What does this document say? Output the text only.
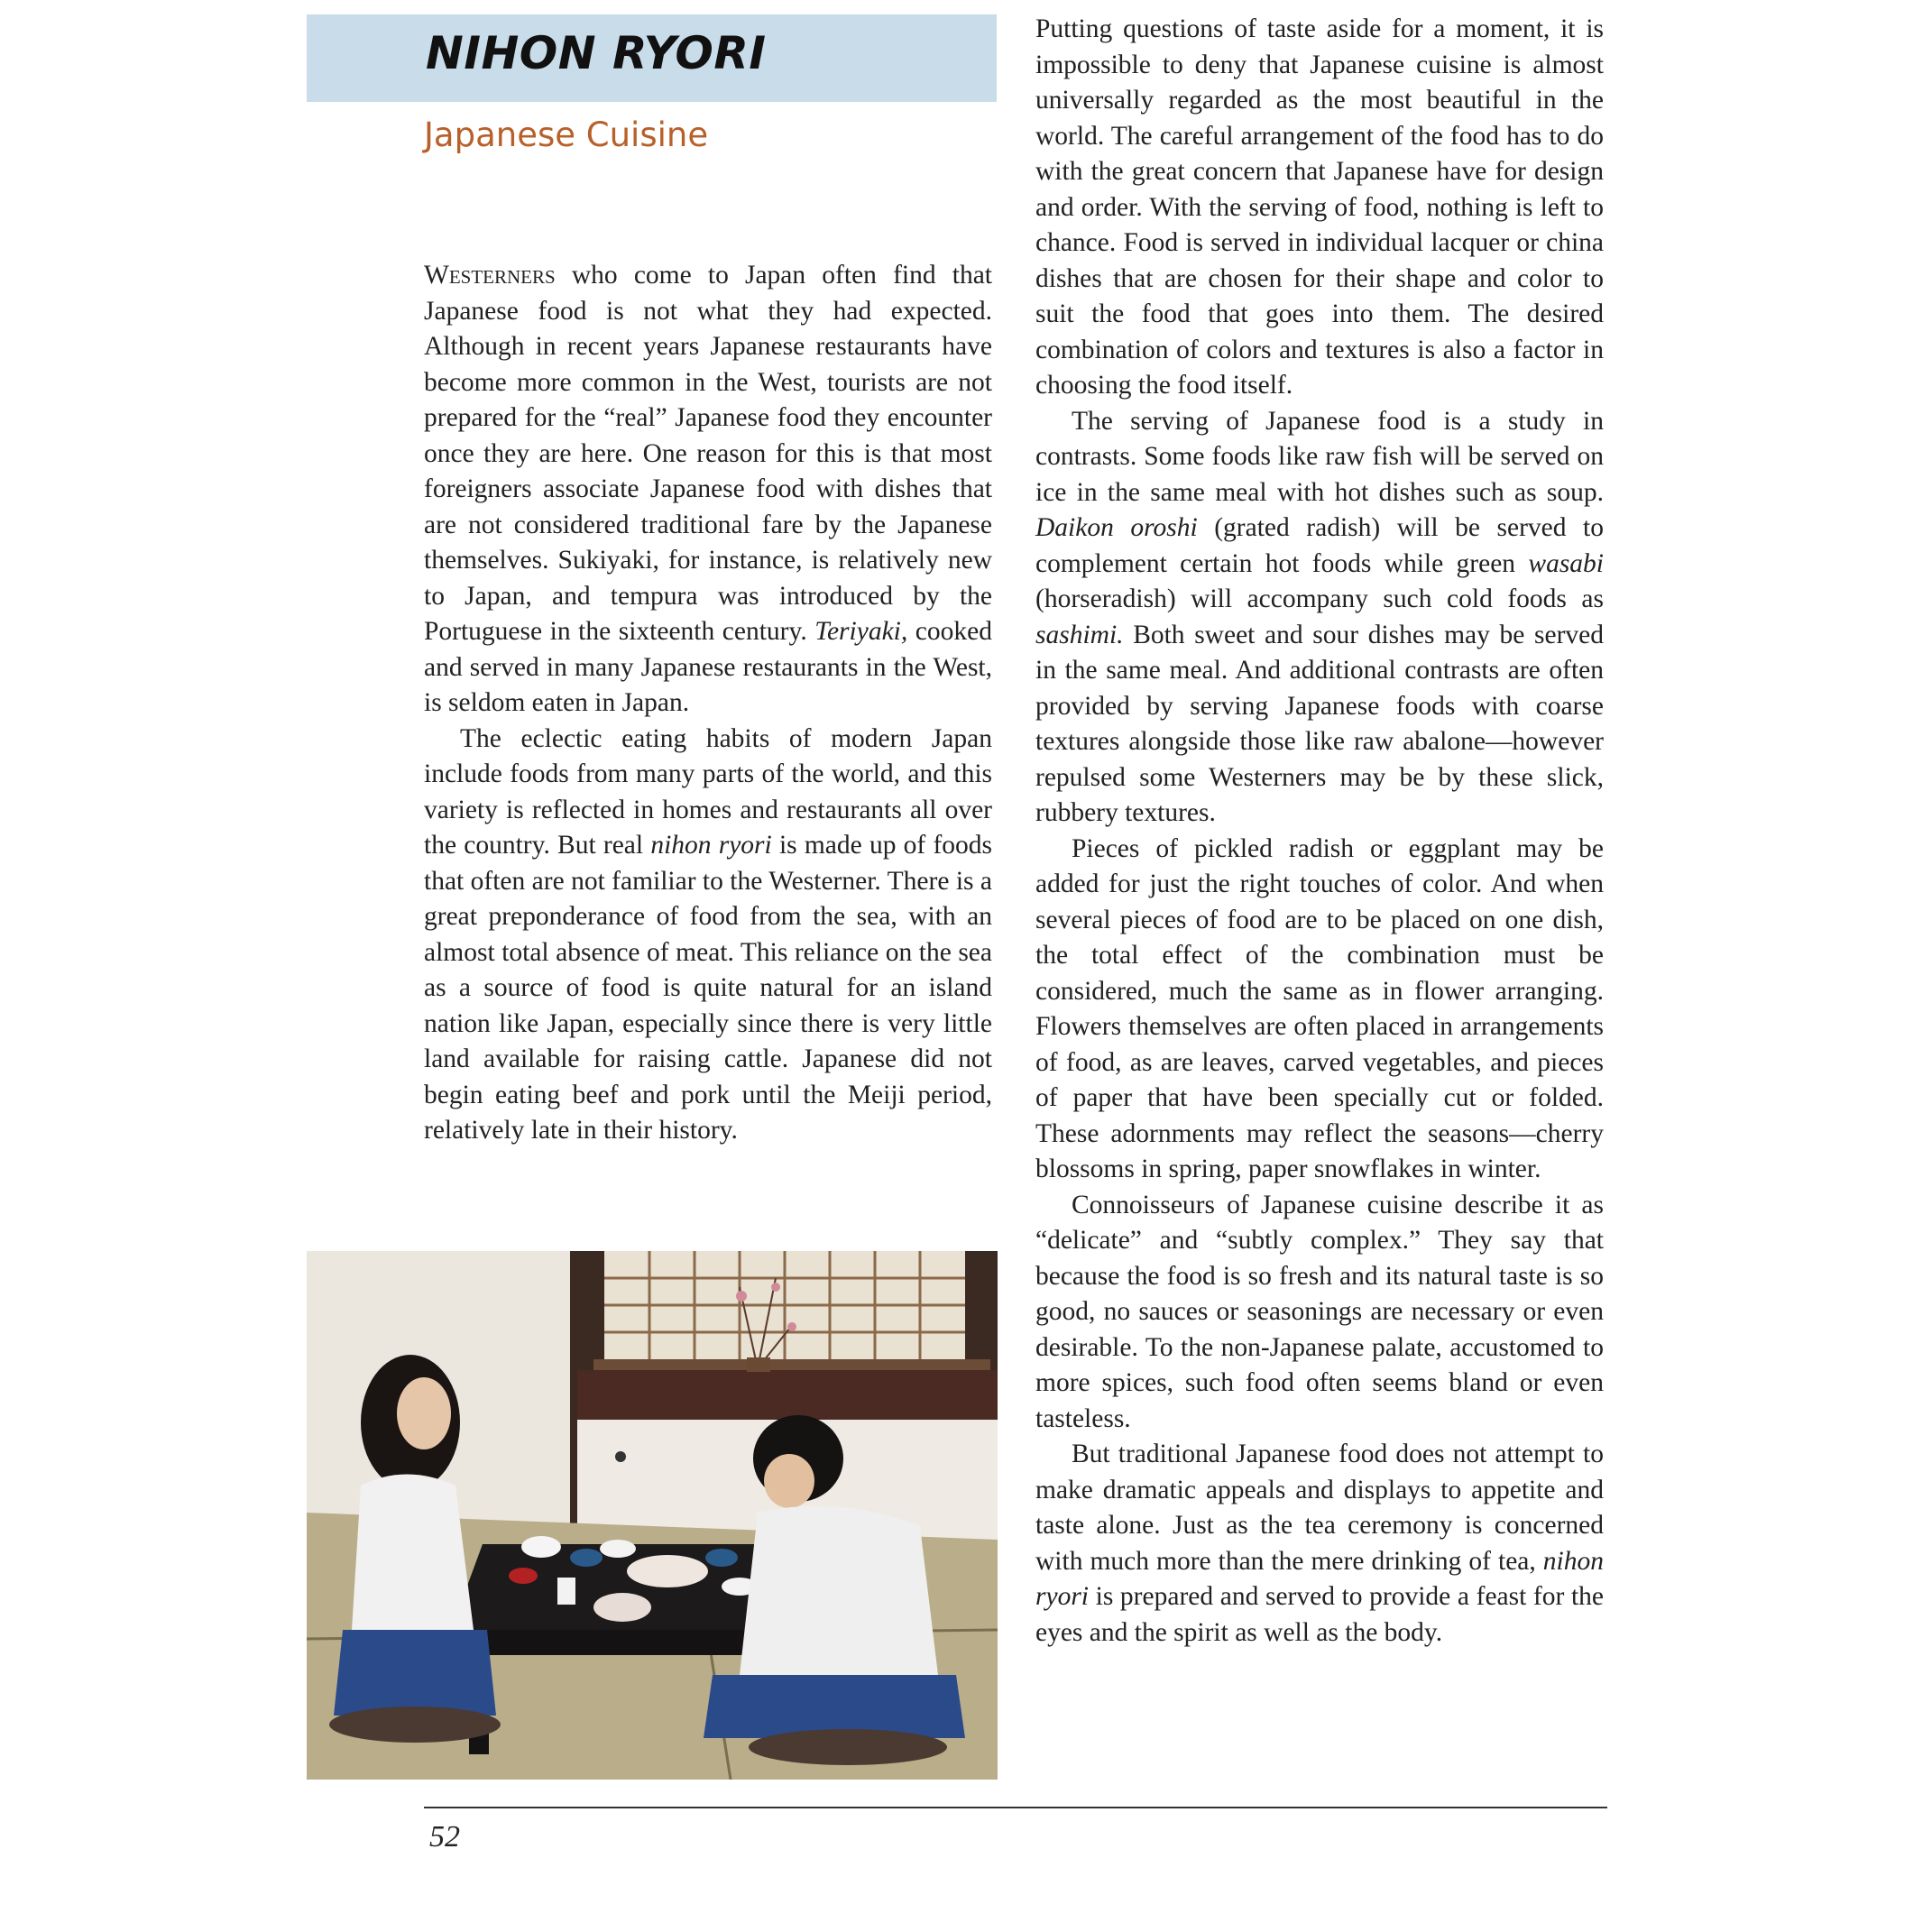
NIHON RYORI
Japanese Cuisine

Westerners who come to Japan often find that Japanese food is not what they had expected. Although in recent years Japanese restaurants have become more common in the West, tourists are not prepared for the “real” Japanese food they encounter once they are here. One reason for this is that most foreigners associate Japanese food with dishes that are not considered traditional fare by the Japanese themselves. Sukiyaki, for instance, is relatively new to Japan, and tempura was introduced by the Portuguese in the sixteenth century. Teriyaki, cooked and served in many Japanese restaurants in the West, is seldom eaten in Japan.

The eclectic eating habits of modern Japan include foods from many parts of the world, and this variety is reflected in homes and restaurants all over the country. But real nihon ryori is made up of foods that often are not familiar to the Westerner. There is a great preponderance of food from the sea, with an almost total absence of meat. This reliance on the sea as a source of food is quite natural for an island nation like Japan, especially since there is very little land available for raising cattle. Japanese did not begin eating beef and pork until the Meiji period, relatively late in their history.

Putting questions of taste aside for a moment, it is impossible to deny that Japanese cuisine is almost universally regarded as the most beautiful in the world. The careful arrangement of the food has to do with the great concern that Japanese have for design and order. With the serving of food, nothing is left to chance. Food is served in individual lacquer or china dishes that are chosen for their shape and color to suit the food that goes into them. The desired combination of colors and textures is also a factor in choosing the food itself.

The serving of Japanese food is a study in contrasts. Some foods like raw fish will be served on ice in the same meal with hot dishes such as soup. Daikon oroshi (grated radish) will be served to complement certain hot foods while green wasabi (horseradish) will accompany such cold foods as sashimi. Both sweet and sour dishes may be served in the same meal. And additional contrasts are often provided by serving Japanese foods with coarse textures alongside those like raw abalone—however repulsed some Westerners may be by these slick, rubbery textures.

Pieces of pickled radish or eggplant may be added for just the right touches of color. And when several pieces of food are to be placed on one dish, the total effect of the combination must be considered, much the same as in flower arranging. Flowers themselves are often placed in arrangements of food, as are leaves, carved vegetables, and pieces of paper that have been specially cut or folded. These adornments may reflect the seasons—cherry blossoms in spring, paper snowflakes in winter.

Connoisseurs of Japanese cuisine describe it as “delicate” and “subtly complex.” They say that because the food is so fresh and its natural taste is so good, no sauces or seasonings are necessary or even desirable. To the non-Japanese palate, accustomed to more spices, such food often seems bland or even tasteless.

But traditional Japanese food does not attempt to make dramatic appeals and displays to appetite and taste alone. Just as the tea ceremony is concerned with much more than the mere drinking of tea, nihon ryori is prepared and served to provide a feast for the eyes and the spirit as well as the body.

52
